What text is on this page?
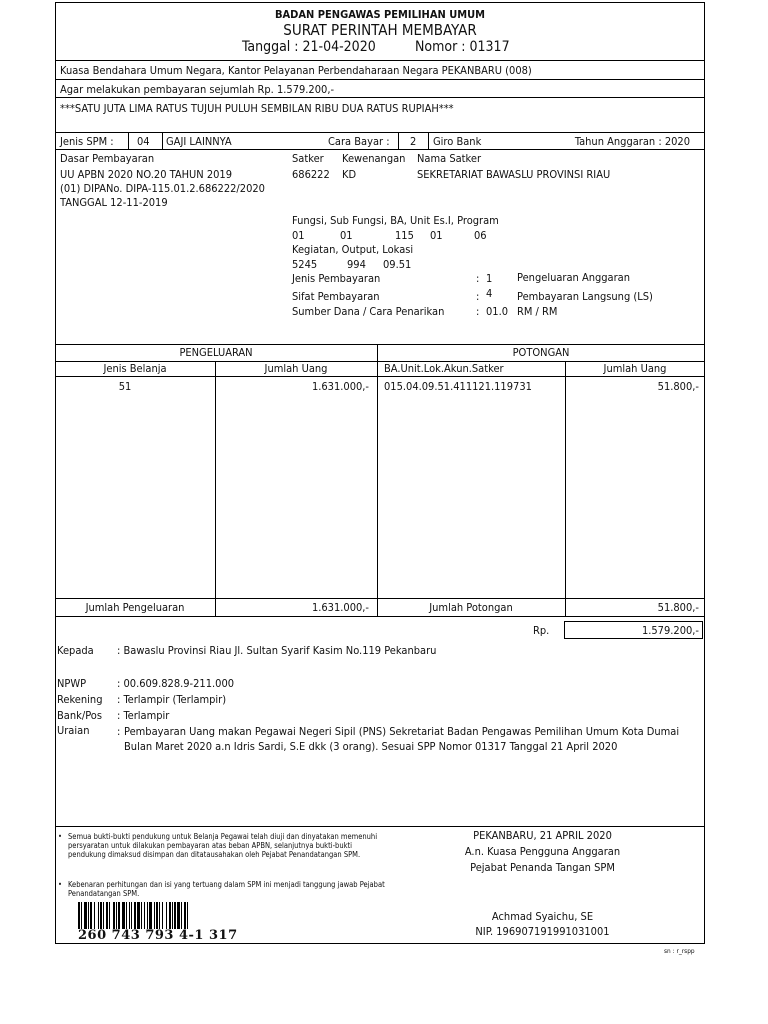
BADAN PENGAWAS PEMILIHAN UMUM
SURAT PERINTAH MEMBAYAR
Tanggal : 21-04-2020	Nomor : 01317
Kuasa Bendahara Umum Negara, Kantor Pelayanan Perbendaharaan Negara PEKANBARU (008)
Agar melakukan pembayaran sejumlah Rp. 1.579.200,-
***SATU JUTA LIMA RATUS TUJUH PULUH SEMBILAN RIBU DUA RATUS RUPIAH***
Jenis SPM : 04 GAJI LAINNYA	Cara Bayar : 2 Giro Bank	Tahun Anggaran : 2020
Dasar Pembayaran
UU APBN 2020 NO.20 TAHUN 2019
(01) DIPANo. DIPA-115.01.2.686222/2020
TANGGAL 12-11-2019
Satker Kewenangan Nama Satker
686222 KD	SEKRETARIAT BAWASLU PROVINSI RIAU
Fungsi, Sub Fungsi, BA, Unit Es.I, Program
01	01	115 01	06
Kegiatan, Output, Lokasi
5245	994 09.51
Jenis Pembayaran	: 1 Pengeluaran Anggaran
Sifat Pembayaran	: 4 Pembayaran Langsung (LS)
Sumber Dana / Cara Penarikan	: 01.0 RM / RM
PENGELUARAN	POTONGAN
Jenis Belanja	Jumlah Uang	BA.Unit.Lok.Akun.Satker	Jumlah Uang
51	1.631.000,- 015.04.09.51.411121.119731	51.800,-
Jumlah Pengeluaran	1.631.000,-	Jumlah Potongan	51.800,-
Rp.	1.579.200,-
Kepada : Bawaslu Provinsi Riau Jl. Sultan Syarif Kasim No.119 Pekanbaru
NPWP	: 00.609.828.9-211.000
Rekening : Terlampir (Terlampir)
Bank/Pos : Terlampir
Uraian	: Pembayaran Uang makan Pegawai Negeri Sipil (PNS) Sekretariat Badan Pengawas Pemilihan Umum Kota Dumai
Bulan Maret 2020 a.n Idris Sardi, S.E dkk (3 orang). Sesuai SPP Nomor 01317 Tanggal 21 April 2020
• Semua bukti-bukti pendukung untuk Belanja Pegawai telah diuji dan dinyatakan memenuhi persyaratan untuk dilakukan pembayaran atas beban APBN, selanjutnya bukti-bukti pendukung dimaksud disimpan dan ditatausahakan oleh Pejabat Penandatangan SPM.
• Kebenaran perhitungan dan isi yang tertuang dalam SPM ini menjadi tanggung jawab Pejabat Penandatangan SPM.
260 743 793 4-1 317
PEKANBARU, 21 APRIL 2020
A.n. Kuasa Pengguna Anggaran
Pejabat Penanda Tangan SPM
Achmad Syaichu, SE
NIP. 196907191991031001
sn : r_rspp
